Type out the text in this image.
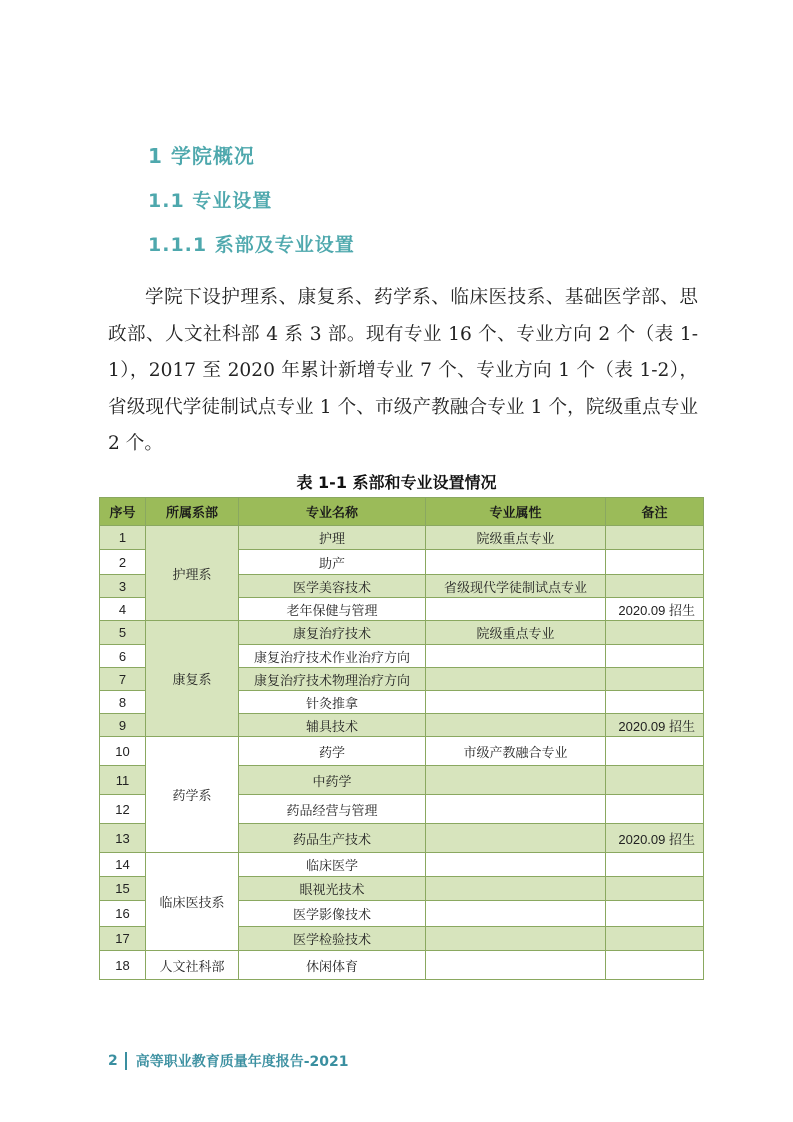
1 学院概况
1.1 专业设置
1.1.1 系部及专业设置

学院下设护理系、康复系、药学系、临床医技系、基础医学部、思政部、人文社科部 4 系 3 部。现有专业 16 个、专业方向 2 个（表 1-1），2017 至 2020 年累计新增专业 7 个、专业方向 1 个（表 1-2），省级现代学徒制试点专业 1 个、市级产教融合专业 1 个，院级重点专业 2 个。

表 1-1 系部和专业设置情况

序号	所属系部	专业名称	专业属性	备注
1	护理系	护理	院级重点专业	
2		助产		
3		医学美容技术	省级现代学徒制试点专业	
4		老年保健与管理		2020.09 招生
5	康复系	康复治疗技术	院级重点专业	
6		康复治疗技术作业治疗方向		
7		康复治疗技术物理治疗方向		
8		针灸推拿		
9		辅具技术		2020.09 招生
10	药学系	药学	市级产教融合专业	
11		中药学		
12		药品经营与管理		
13		药品生产技术		2020.09 招生
14	临床医技系	临床医学		
15		眼视光技术		
16		医学影像技术		
17		医学检验技术		
18	人文社科部	休闲体育		
2 高等职业教育质量年度报告-2021
